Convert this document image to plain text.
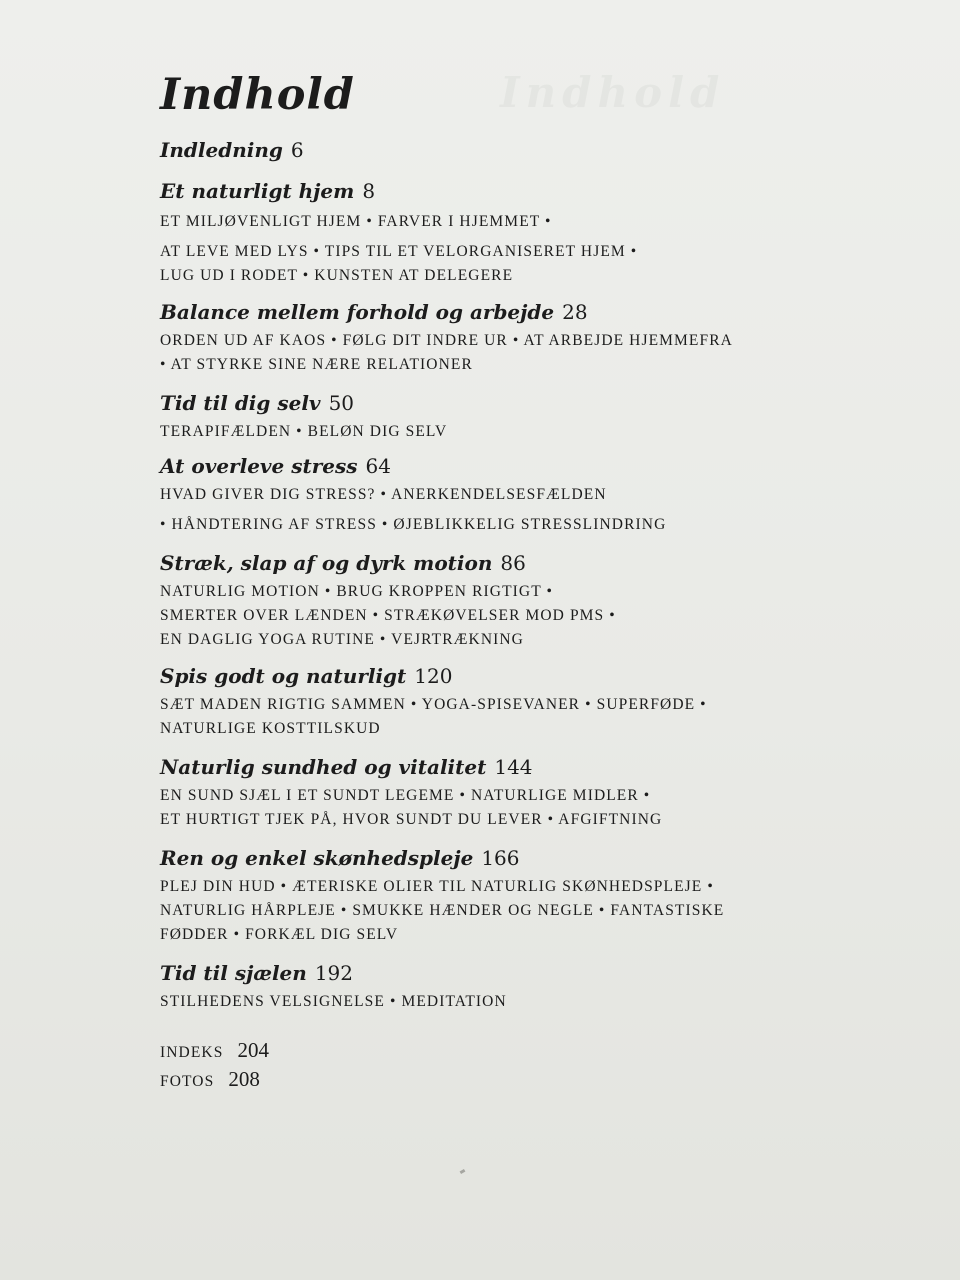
Indhold
Indledning 6
Et naturligt hjem 8

ET MILJØVENLIGT HJEM • FARVER I HJEMMET •

AT LEVE MED LYS • TIPS TIL ET VELORGANISERET HJEM •

LUG UD I RODET • KUNSTEN AT DELEGERE

Balance mellem forhold og arbejde 28

ORDEN UD AF KAOS • FØLG DIT INDRE UR • AT ARBEJDE HJEMMEFRA

• AT STYRKE SINE NÆRE RELATIONER

Tid til dig selv 50

TERAPIFÆLDEN • BELØN DIG SELV

At overleve stress 64

HVAD GIVER DIG STRESS? • ANERKENDELSESFÆLDEN

• HÅNDTERING AF STRESS • ØJEBLIKKELIG STRESSLINDRING

Stræk, slap af og dyrk motion 86

NATURLIG MOTION • BRUG KROPPEN RIGTIGT •

SMERTER OVER LÆNDEN • STRÆKØVELSER MOD PMS •

EN DAGLIG YOGA RUTINE • VEJRTRÆKNING

Spis godt og naturligt 120

SÆT MADEN RIGTIG SAMMEN • YOGA-SPISEVANER • SUPERFØDE •

NATURLIGE KOSTTILSKUD

Naturlig sundhed og vitalitet 144

EN SUND SJÆL I ET SUNDT LEGEME • NATURLIGE MIDLER •

ET HURTIGT TJEK PÅ, HVOR SUNDT DU LEVER • AFGIFTNING

Ren og enkel skønhedspleje 166

PLEJ DIN HUD • ÆTERISKE OLIER TIL NATURLIG SKØNHEDSPLEJE •

NATURLIG HÅRPLEJE • SMUKKE HÆNDER OG NEGLE • FANTASTISKE

FØDDER • FORKÆL DIG SELV

Tid til sjælen 192

STILHEDENS VELSIGNELSE • MEDITATION

INDEKS 204
FOTOS 208
